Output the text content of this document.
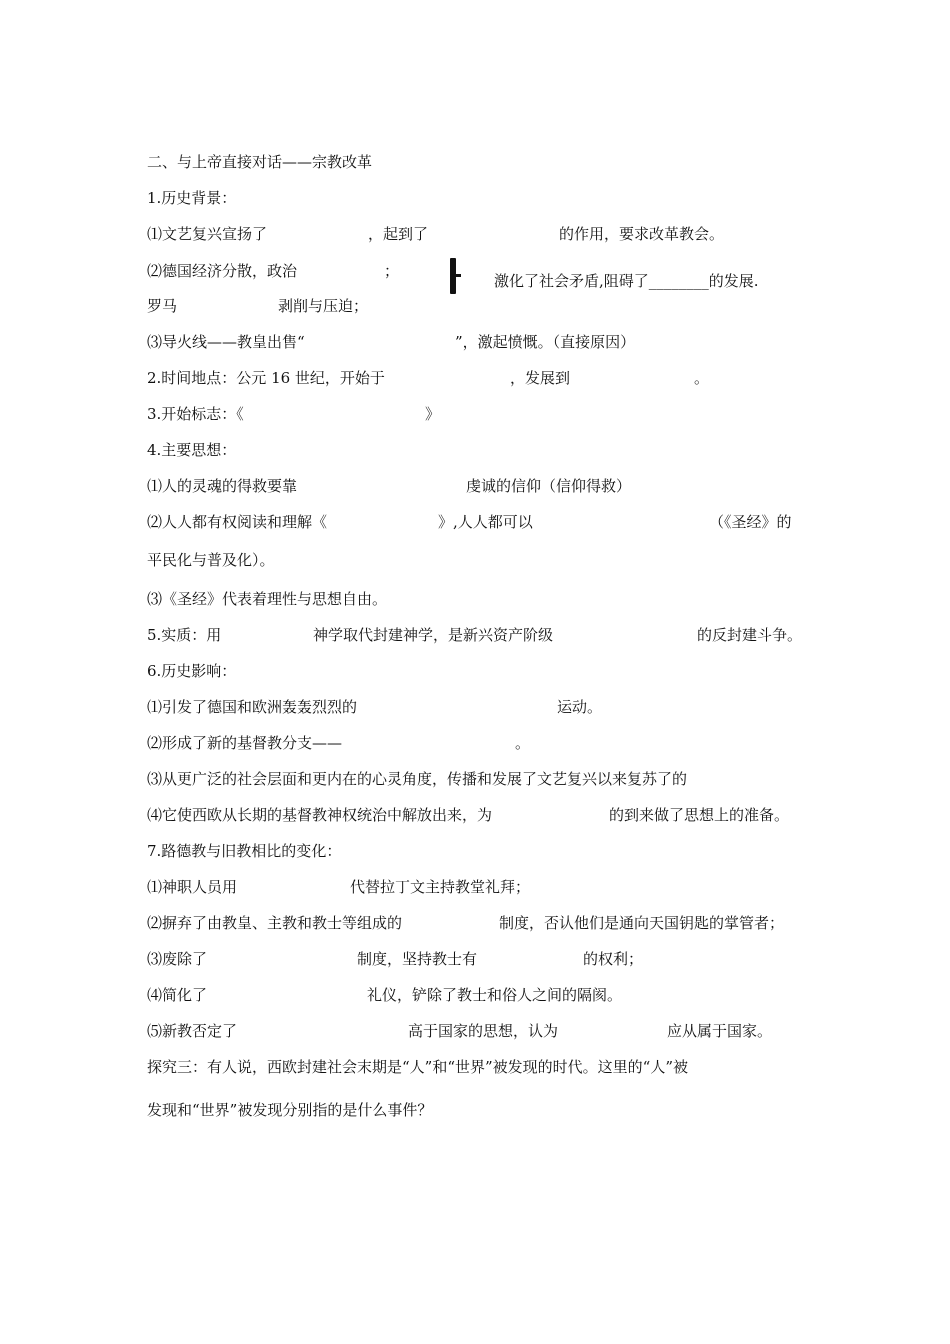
二、与上帝直接对话——宗教改革
1.历史背景：
⑴文艺复兴宣扬了	，起到了	的作用，要求改革教会。
⑵德国经济分散，政治	；
激化了社会矛盾,阻碍了________的发展.
罗马	剥削与压迫；
⑶导火线——教皇出售“	”，激起愤慨。（直接原因）
2.时间地点：公元 16 世纪，开始于	，发展到	。
3.开始标志：《	》
4.主要思想：
⑴人的灵魂的得救要靠	虔诚的信仰（信仰得救）
⑵人人都有权阅读和理解《	》,人人都可以	（《圣经》的
平民化与普及化）。
⑶《圣经》代表着理性与思想自由。
5.实质：用	神学取代封建神学，是新兴资产阶级	的反封建斗争。
6.历史影响：
⑴引发了德国和欧洲轰轰烈烈的	运动。
⑵形成了新的基督教分支——	。
⑶从更广泛的社会层面和更内在的心灵角度，传播和发展了文艺复兴以来复苏了的
⑷它使西欧从长期的基督教神权统治中解放出来，为	的到来做了思想上的准备。
7.路德教与旧教相比的变化：
⑴神职人员用	代替拉丁文主持教堂礼拜；
⑵摒弃了由教皇、主教和教士等组成的	制度，否认他们是通向天国钥匙的掌管者；
⑶废除了	制度，坚持教士有	的权利；
⑷简化了	礼仪，铲除了教士和俗人之间的隔阂。
⑸新教否定了	高于国家的思想，认为	应从属于国家。
探究三：有人说，西欧封建社会末期是“人”和“世界”被发现的时代。这里的“人”被
发现和“世界”被发现分别指的是什么事件？
